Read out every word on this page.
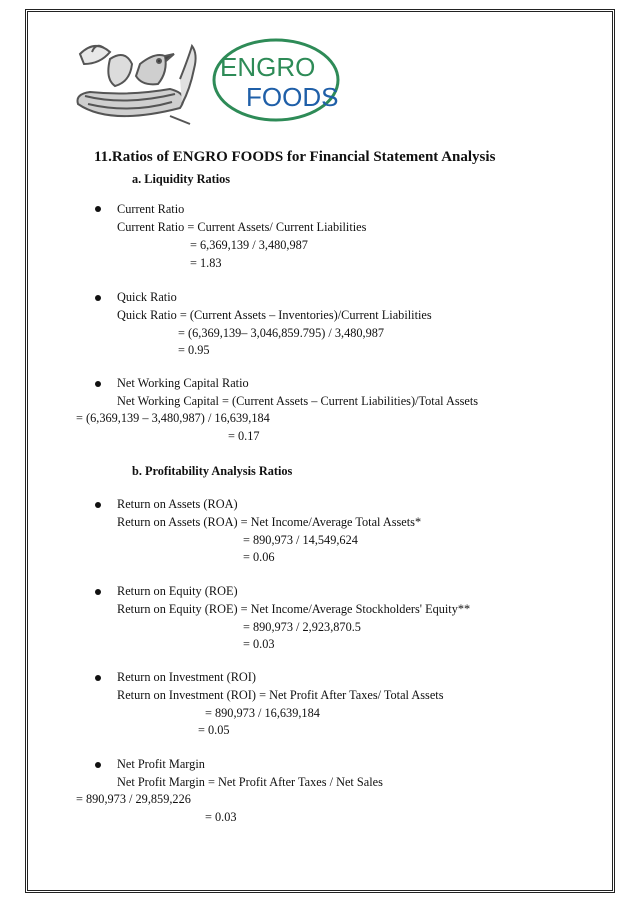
ENGRO
FOODS
11.Ratios of ENGRO FOODS for Financial Statement Analysis
a. Liquidity Ratios
Current Ratio
Current Ratio = Current Assets/ Current Liabilities
= 6,369,139 / 3,480,987
= 1.83
Quick Ratio
Quick Ratio = (Current Assets – Inventories)/Current Liabilities
= (6,369,139– 3,046,859.795) / 3,480,987
= 0.95
Net Working Capital Ratio
Net Working Capital = (Current Assets – Current Liabilities)/Total Assets
= (6,369,139 – 3,480,987) / 16,639,184
= 0.17
b. Profitability Analysis Ratios
Return on Assets (ROA)
Return on Assets (ROA) = Net Income/Average Total Assets*
= 890,973 / 14,549,624
= 0.06
Return on Equity (ROE)
Return on Equity (ROE) = Net Income/Average Stockholders' Equity**
= 890,973 / 2,923,870.5
= 0.03
Return on Investment (ROI)
Return on Investment (ROI) = Net Profit After Taxes/ Total Assets
= 890,973 / 16,639,184
= 0.05
Net Profit Margin
Net Profit Margin = Net Profit After Taxes / Net Sales
= 890,973 / 29,859,226
= 0.03
